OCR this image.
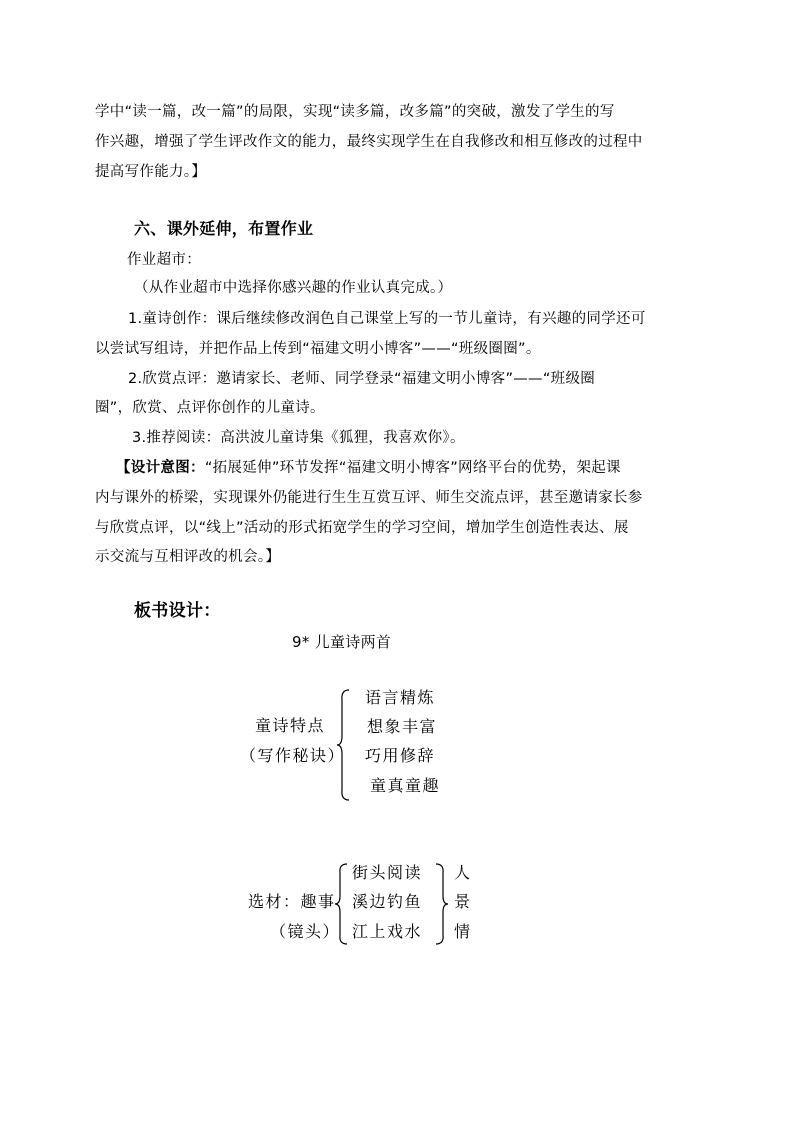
学中“读一篇，改一篇”的局限，实现“读多篇，改多篇”的突破，激发了学生的写
作兴趣，增强了学生评改作文的能力，最终实现学生在自我修改和相互修改的过程中
提高写作能力。】
六、课外延伸，布置作业
作业超市：
（从作业超市中选择你感兴趣的作业认真完成。）
1.童诗创作：课后继续修改润色自己课堂上写的一节儿童诗，有兴趣的同学还可
以尝试写组诗，并把作品上传到“福建文明小博客”——“班级圈圈”。
2.欣赏点评：邀请家长、老师、同学登录“福建文明小博客”——“班级圈
圈”，欣赏、点评你创作的儿童诗。
3.推荐阅读：高洪波儿童诗集《狐狸，我喜欢你》。
【设计意图：“拓展延伸”环节发挥“福建文明小博客”网络平台的优势，架起课
内与课外的桥梁，实现课外仍能进行生生互赏互评、师生交流点评，甚至邀请家长参
与欣赏点评，以“线上”活动的形式拓宽学生的学习空间，增加学生创造性表达、展
示交流与互相评改的机会。】
板书设计：
9* 儿童诗两首
童诗特点
（写作秘诀）
语言精炼
想象丰富
巧用修辞
童真童趣
选材：趣事
（镜头）
街头阅读
溪边钓鱼
江上戏水
人
景
情
